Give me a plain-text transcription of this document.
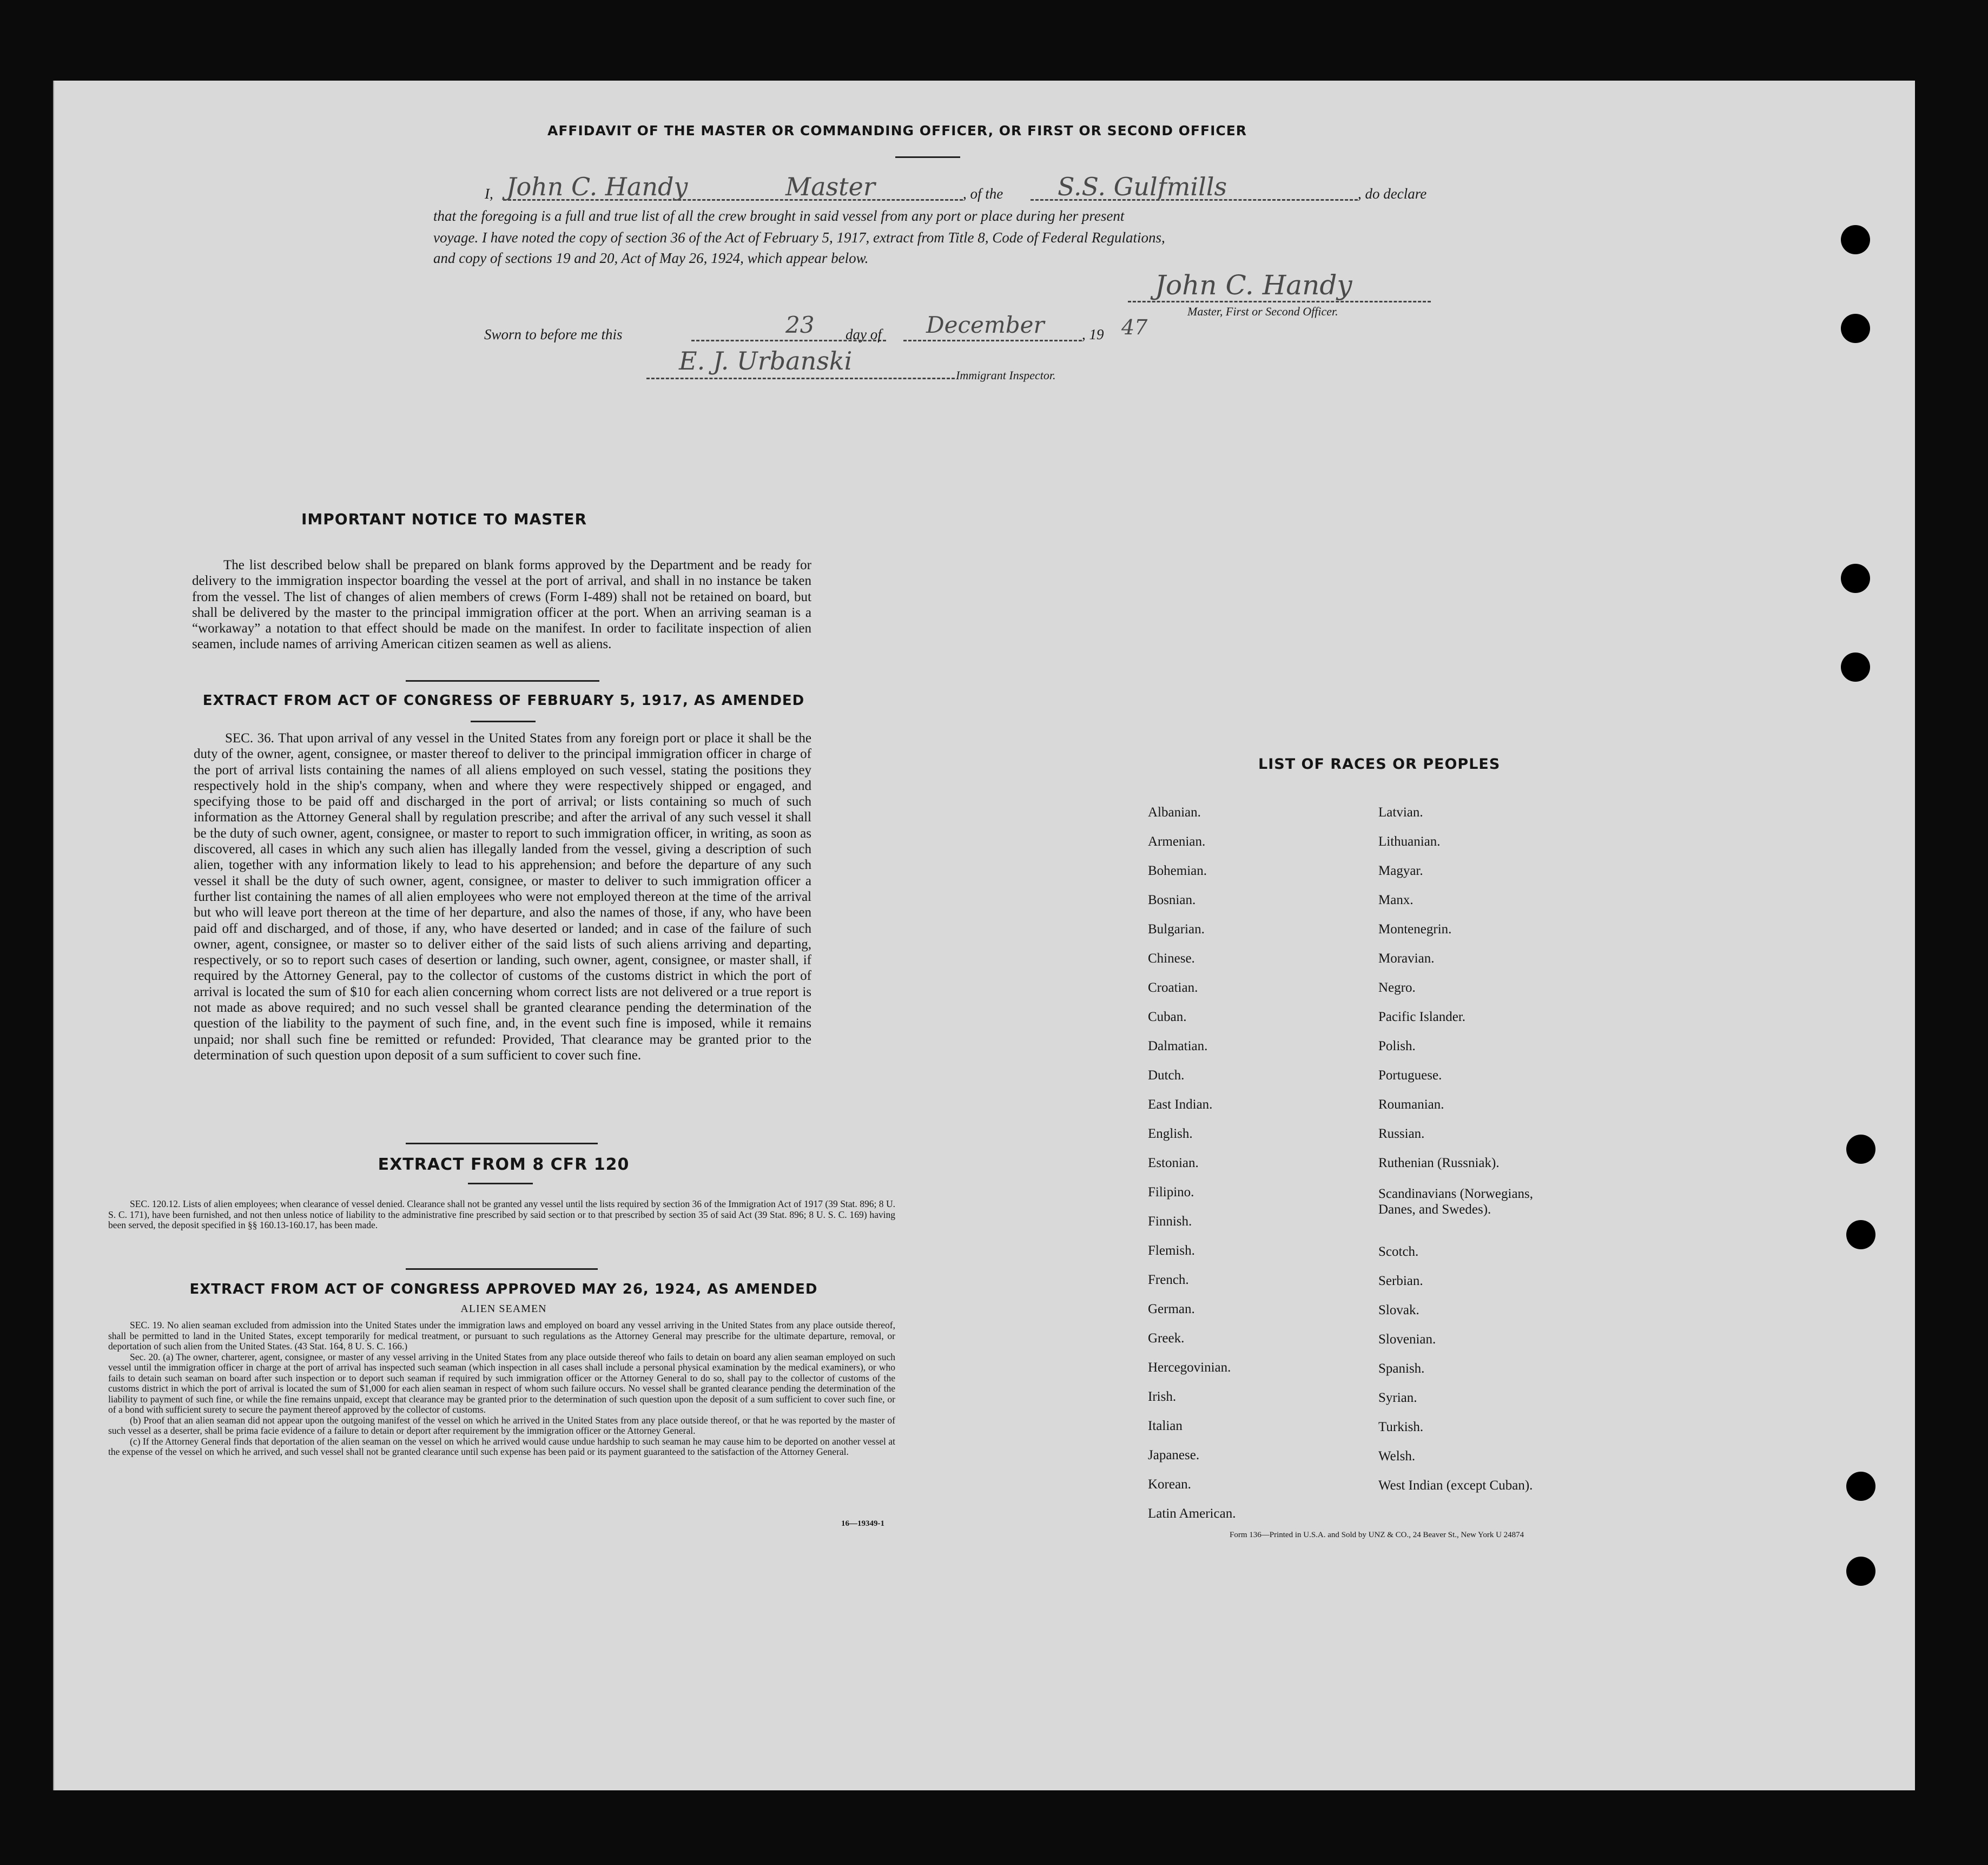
AFFIDAVIT OF THE MASTER OR COMMANDING OFFICER, OR FIRST OR SECOND OFFICER
I, John C. Handy	Master	, of the S.S. Gulfmills	, do declare
that the foregoing is a full and true list of all the crew brought in said vessel from any port or place during her present
voyage. I have noted the copy of section 36 of the Act of February 5, 1917, extract from Title 8, Code of Federal Regulations,
and copy of sections 19 and 20, Act of May 26, 1924, which appear below.
John C. Handy
Master, First or Second Officer.
Sworn to before me this	23 day of December	, 19 47
E. J. Urbanski	Immigrant Inspector.
IMPORTANT NOTICE TO MASTER
The list described below shall be prepared on blank forms approved by the Department and be ready for delivery to the immigration inspector boarding the vessel at the port of arrival, and shall in no instance be taken from the vessel. The list of changes of alien members of crews (Form I-489) shall not be retained on board, but shall be delivered by the master to the principal immigration officer at the port. When an arriving seaman is a “workaway” a notation to that effect should be made on the manifest. In order to facilitate inspection of alien seamen, include names of arriving American citizen seamen as well as aliens.
EXTRACT FROM ACT OF CONGRESS OF FEBRUARY 5, 1917, AS AMENDED
SEC. 36. That upon arrival of any vessel in the United States from any foreign port or place it shall be the duty of the owner, agent, consignee, or master thereof to deliver to the principal immigration officer in charge of the port of arrival lists containing the names of all aliens employed on such vessel, stating the positions they respectively hold in the ship's company, when and where they were respectively shipped or engaged, and specifying those to be paid off and discharged in the port of arrival; or lists containing so much of such information as the Attorney General shall by regulation prescribe; and after the arrival of any such vessel it shall be the duty of such owner, agent, consignee, or master to report to such immigration officer, in writing, as soon as discovered, all cases in which any such alien has illegally landed from the vessel, giving a description of such alien, together with any information likely to lead to his apprehension; and before the departure of any such vessel it shall be the duty of such owner, agent, consignee, or master to deliver to such immigration officer a further list containing the names of all alien employees who were not employed thereon at the time of the arrival but who will leave port thereon at the time of her departure, and also the names of those, if any, who have been paid off and discharged, and of those, if any, who have deserted or landed; and in case of the failure of such owner, agent, consignee, or master so to deliver either of the said lists of such aliens arriving and departing, respectively, or so to report such cases of desertion or landing, such owner, agent, consignee, or master shall, if required by the Attorney General, pay to the collector of customs of the customs district in which the port of arrival is located the sum of $10 for each alien concerning whom correct lists are not delivered or a true report is not made as above required; and no such vessel shall be granted clearance pending the determination of the question of the liability to the payment of such fine, and, in the event such fine is imposed, while it remains unpaid; nor shall such fine be remitted or refunded: Provided, That clearance may be granted prior to the determination of such question upon deposit of a sum sufficient to cover such fine.
EXTRACT FROM 8 CFR 120
SEC. 120.12. Lists of alien employees; when clearance of vessel denied. Clearance shall not be granted any vessel until the lists required by section 36 of the Immigration Act of 1917 (39 Stat. 896; 8 U. S. C. 171), have been furnished, and not then unless notice of liability to the administrative fine prescribed by said section or to that prescribed by section 35 of said Act (39 Stat. 896; 8 U. S. C. 169) having been served, the deposit specified in §§ 160.13-160.17, has been made.
EXTRACT FROM ACT OF CONGRESS APPROVED MAY 26, 1924, AS AMENDED
ALIEN SEAMEN

SEC. 19. No alien seaman excluded from admission into the United States under the immigration laws and employed on board any vessel arriving in the United States from any place outside thereof, shall be permitted to land in the United States, except temporarily for medical treatment, or pursuant to such regulations as the Attorney General may prescribe for the ultimate departure, removal, or deportation of such alien from the United States. (43 Stat. 164, 8 U. S. C. 166.)

Sec. 20. (a) The owner, charterer, agent, consignee, or master of any vessel arriving in the United States from any place outside thereof who fails to detain on board any alien seaman employed on such vessel until the immigration officer in charge at the port of arrival has inspected such seaman (which inspection in all cases shall include a personal physical examination by the medical examiners), or who fails to detain such seaman on board after such inspection or to deport such seaman if required by such immigration officer or the Attorney General to do so, shall pay to the collector of customs of the customs district in which the port of arrival is located the sum of $1,000 for each alien seaman in respect of whom such failure occurs. No vessel shall be granted clearance pending the determination of the liability to payment of such fine, or while the fine remains unpaid, except that clearance may be granted prior to the determination of such question upon the deposit of a sum sufficient to cover such fine, or of a bond with sufficient surety to secure the payment thereof approved by the collector of customs.

(b) Proof that an alien seaman did not appear upon the outgoing manifest of the vessel on which he arrived in the United States from any place outside thereof, or that he was reported by the master of such vessel as a deserter, shall be prima facie evidence of a failure to detain or deport after requirement by the immigration officer or the Attorney General.

(c) If the Attorney General finds that deportation of the alien seaman on the vessel on which he arrived would cause undue hardship to such seaman he may cause him to be deported on another vessel at the expense of the vessel on which he arrived, and such vessel shall not be granted clearance until such expense has been paid or its payment guaranteed to the satisfaction of the Attorney General.

16—19349-1
LIST OF RACES OR PEOPLES
Form 136—Printed in U.S.A. and Sold by UNZ & CO., 24 Beaver St., New York U 24874
Albanian.
Armenian.
Bohemian.
Bosnian.
Bulgarian.
Chinese.
Croatian.
Cuban.
Dalmatian.
Dutch.
East Indian.
English.
Estonian.
Filipino.
Finnish.
Flemish.
French.
German.
Greek.
Hercegovinian.
Irish.
Italian
Japanese.
Korean.
Latin American.
Latvian.
Lithuanian.
Magyar.
Manx.
Montenegrin.
Moravian.
Negro.
Pacific Islander.
Polish.
Portuguese.
Roumanian.
Russian.
Ruthenian (Russniak).
Scandinavians (Norwegians, Danes, and Swedes).
Scotch.
Serbian.
Slovak.
Slovenian.
Spanish.
Syrian.
Turkish.
Welsh.
West Indian (except Cuban).
